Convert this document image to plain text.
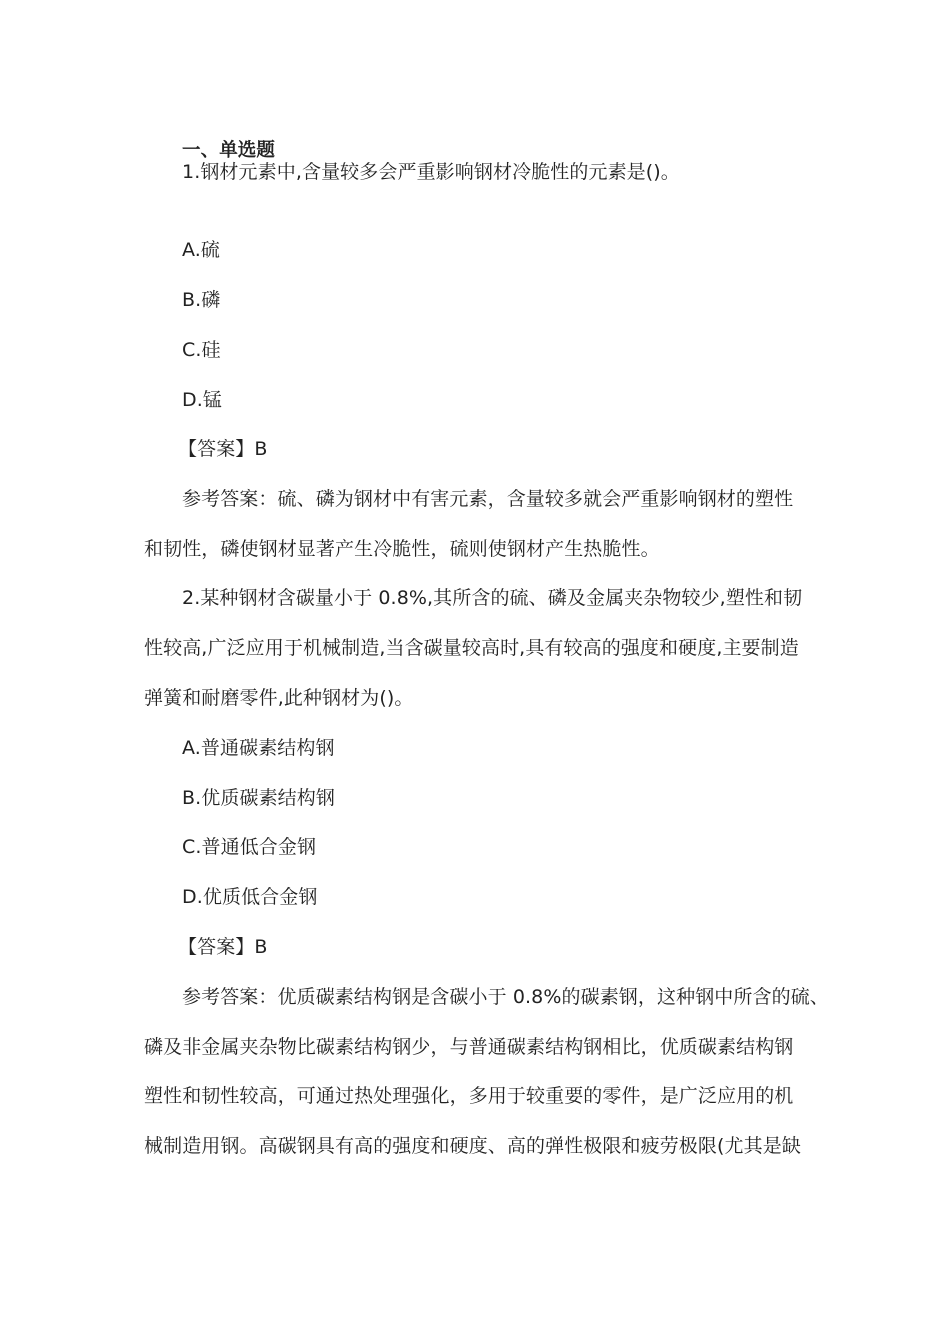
一、单选题
1.钢材元素中,含量较多会严重影响钢材冷脆性的元素是()。
A.硫
B.磷
C.硅
D.锰
【答案】B
参考答案：硫、磷为钢材中有害元素，含量较多就会严重影响钢材的塑性
和韧性，磷使钢材显著产生冷脆性，硫则使钢材产生热脆性。
2.某种钢材含碳量小于 0.8%,其所含的硫、磷及金属夹杂物较少,塑性和韧
性较高,广泛应用于机械制造,当含碳量较高时,具有较高的强度和硬度,主要制造
弹簧和耐磨零件,此种钢材为()。
A.普通碳素结构钢
B.优质碳素结构钢
C.普通低合金钢
D.优质低合金钢
【答案】B
参考答案：优质碳素结构钢是含碳小于 0.8%的碳素钢，这种钢中所含的硫、
磷及非金属夹杂物比碳素结构钢少，与普通碳素结构钢相比，优质碳素结构钢
塑性和韧性较高，可通过热处理强化，多用于较重要的零件，是广泛应用的机
械制造用钢。高碳钢具有高的强度和硬度、高的弹性极限和疲劳极限(尤其是缺
